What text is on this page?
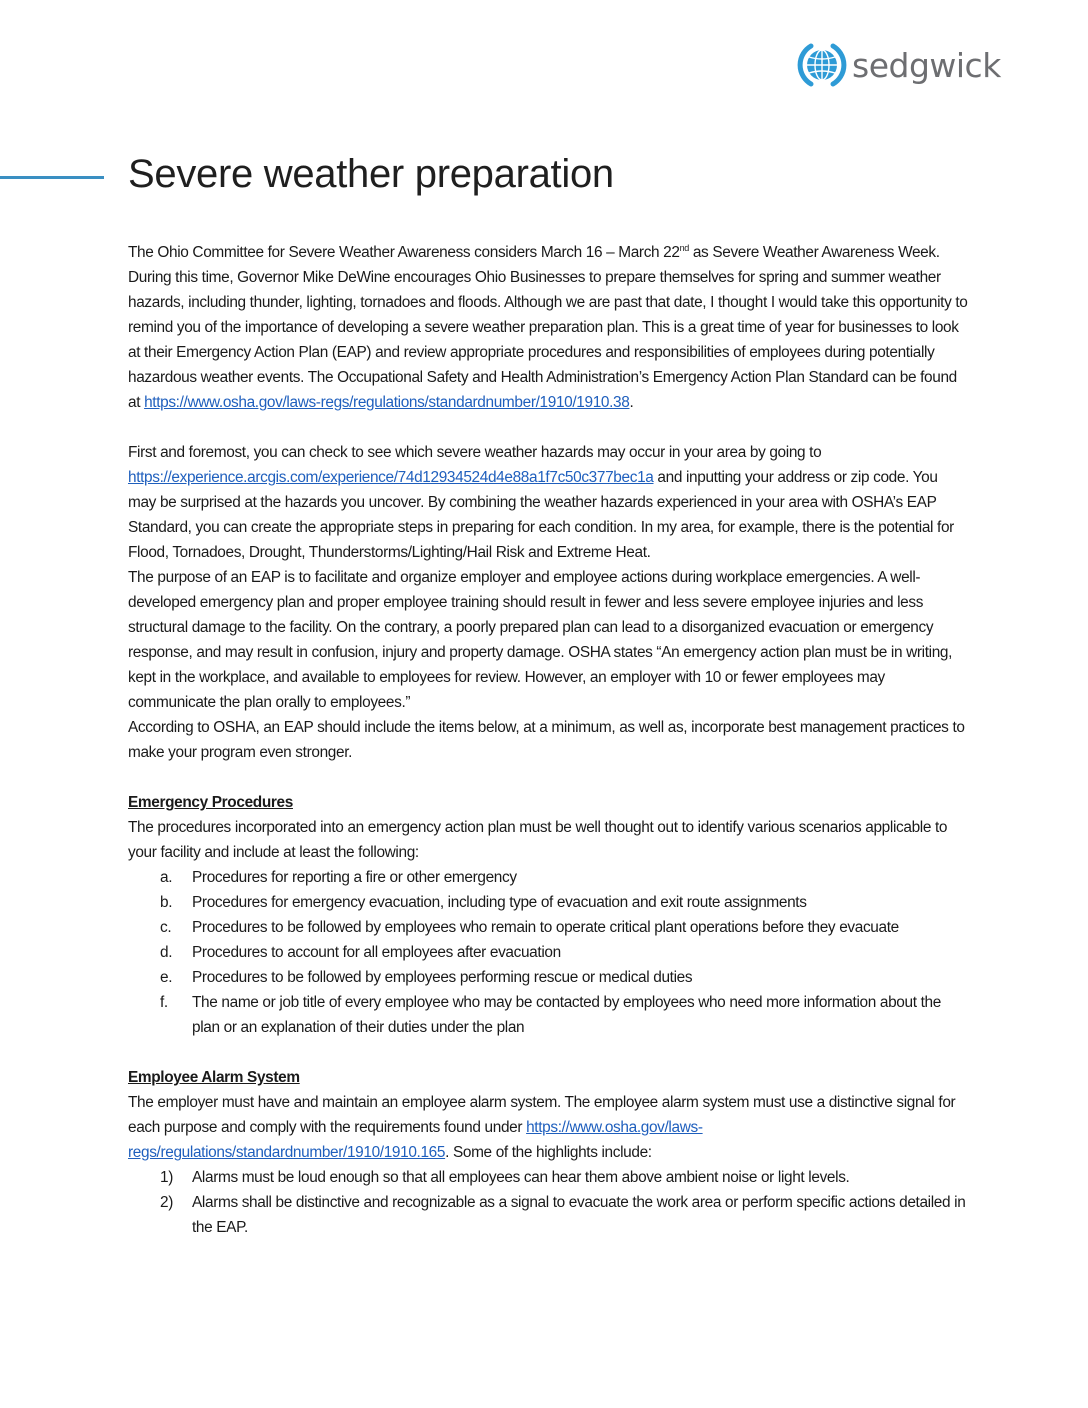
sedgwick
Severe weather preparation

The Ohio Committee for Severe Weather Awareness considers March 16 – March 22nd as Severe Weather Awareness Week. During this time, Governor Mike DeWine encourages Ohio Businesses to prepare themselves for spring and summer weather hazards, including thunder, lighting, tornadoes and floods. Although we are past that date, I thought I would take this opportunity to remind you of the importance of developing a severe weather preparation plan. This is a great time of year for businesses to look at their Emergency Action Plan (EAP) and review appropriate procedures and responsibilities of employees during potentially hazardous weather events. The Occupational Safety and Health Administration’s Emergency Action Plan Standard can be found at https://www.osha.gov/laws-regs/regulations/standardnumber/1910/1910.38.

First and foremost, you can check to see which severe weather hazards may occur in your area by going to https://experience.arcgis.com/experience/74d12934524d4e88a1f7c50c377bec1a and inputting your address or zip code. You may be surprised at the hazards you uncover. By combining the weather hazards experienced in your area with OSHA’s EAP Standard, you can create the appropriate steps in preparing for each condition. In my area, for example, there is the potential for Flood, Tornadoes, Drought, Thunderstorms/Lighting/Hail Risk and Extreme Heat.

The purpose of an EAP is to facilitate and organize employer and employee actions during workplace emergencies. A well-developed emergency plan and proper employee training should result in fewer and less severe employee injuries and less structural damage to the facility. On the contrary, a poorly prepared plan can lead to a disorganized evacuation or emergency response, and may result in confusion, injury and property damage. OSHA states “An emergency action plan must be in writing, kept in the workplace, and available to employees for review. However, an employer with 10 or fewer employees may communicate the plan orally to employees.”

According to OSHA, an EAP should include the items below, at a minimum, as well as, incorporate best management practices to make your program even stronger.

Emergency Procedures

The procedures incorporated into an emergency action plan must be well thought out to identify various scenarios applicable to your facility and include at least the following:

a.	Procedures for reporting a fire or other emergency
b.	Procedures for emergency evacuation, including type of evacuation and exit route assignments
c.	Procedures to be followed by employees who remain to operate critical plant operations before they evacuate
d.	Procedures to account for all employees after evacuation
e.	Procedures to be followed by employees performing rescue or medical duties
f.	The name or job title of every employee who may be contacted by employees who need more information about the plan or an explanation of their duties under the plan
Employee Alarm System

The employer must have and maintain an employee alarm system. The employee alarm system must use a distinctive signal for each purpose and comply with the requirements found under https://www.osha.gov/laws-regs/regulations/standardnumber/1910/1910.165. Some of the highlights include:

1)	Alarms must be loud enough so that all employees can hear them above ambient noise or light levels.
2)	Alarms shall be distinctive and recognizable as a signal to evacuate the work area or perform specific actions detailed in the EAP.
